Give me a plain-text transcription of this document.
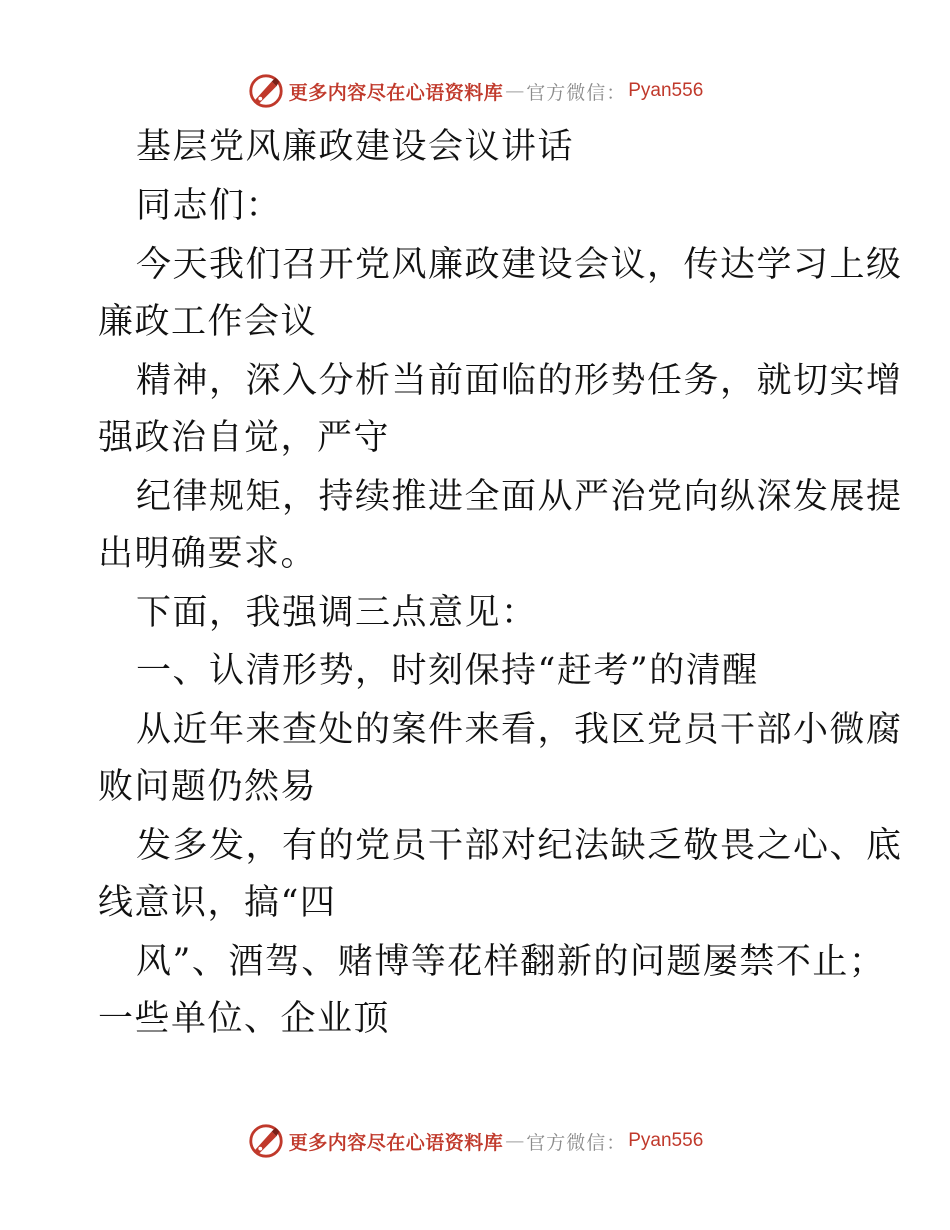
更多内容尽在心语资料库 — 官方微信： Pyan556
基层党风廉政建设会议讲话
同志们：
今天我们召开党风廉政建设会议，传达学习上级
廉政工作会议
精神，深入分析当前面临的形势任务，就切实增
强政治自觉，严守
纪律规矩，持续推进全面从严治党向纵深发展提
出明确要求。
下面，我强调三点意见：
一、认清形势，时刻保持“赶考”的清醒
从近年来查处的案件来看，我区党员干部小微腐
败问题仍然易
发多发，有的党员干部对纪法缺乏敬畏之心、底
线意识，搞“四
风”、酒驾、赌博等花样翻新的问题屡禁不止；
一些单位、企业顶
更多内容尽在心语资料库 — 官方微信： Pyan556
